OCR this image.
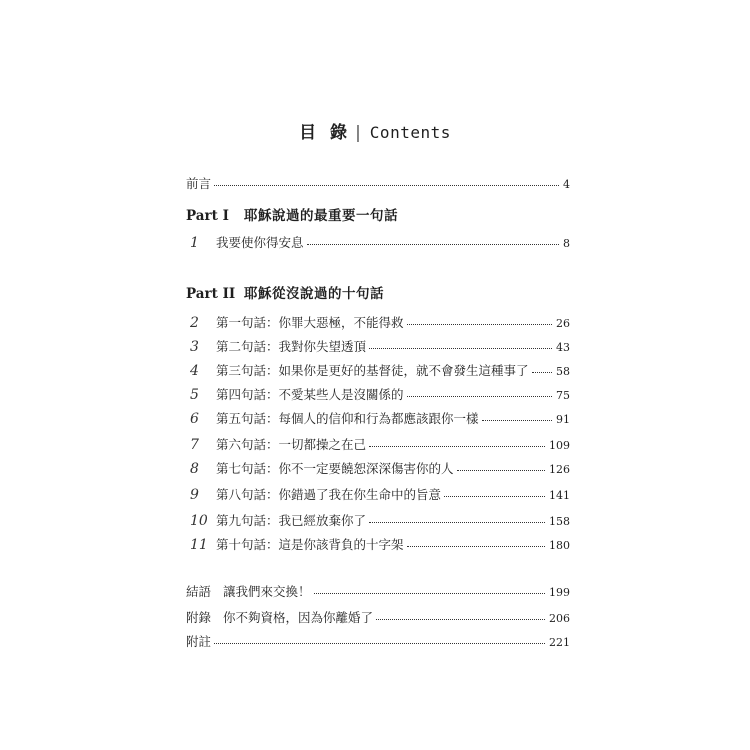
目 錄 | Contents
前言	4
Part I 耶穌說過的最重要一句話
1	我要使你得安息	8
Part II 耶穌從沒說過的十句話
2	第一句話：你罪大惡極，不能得救	26
3	第二句話：我對你失望透頂	43
4	第三句話：如果你是更好的基督徒，就不會發生這種事了 58
5	第四句話：不愛某些人是沒關係的	75
6	第五句話：每個人的信仰和行為都應該跟你一樣	91
7	第六句話：一切都操之在己	109
8	第七句話：你不一定要饒恕深深傷害你的人	126
9	第八句話：你錯過了我在你生命中的旨意	141
10 第九句話：我已經放棄你了	158
11 第十句話：這是你該背負的十字架	180
結語 讓我們來交換！	199
附錄 你不夠資格，因為你離婚了	206
附註	221
